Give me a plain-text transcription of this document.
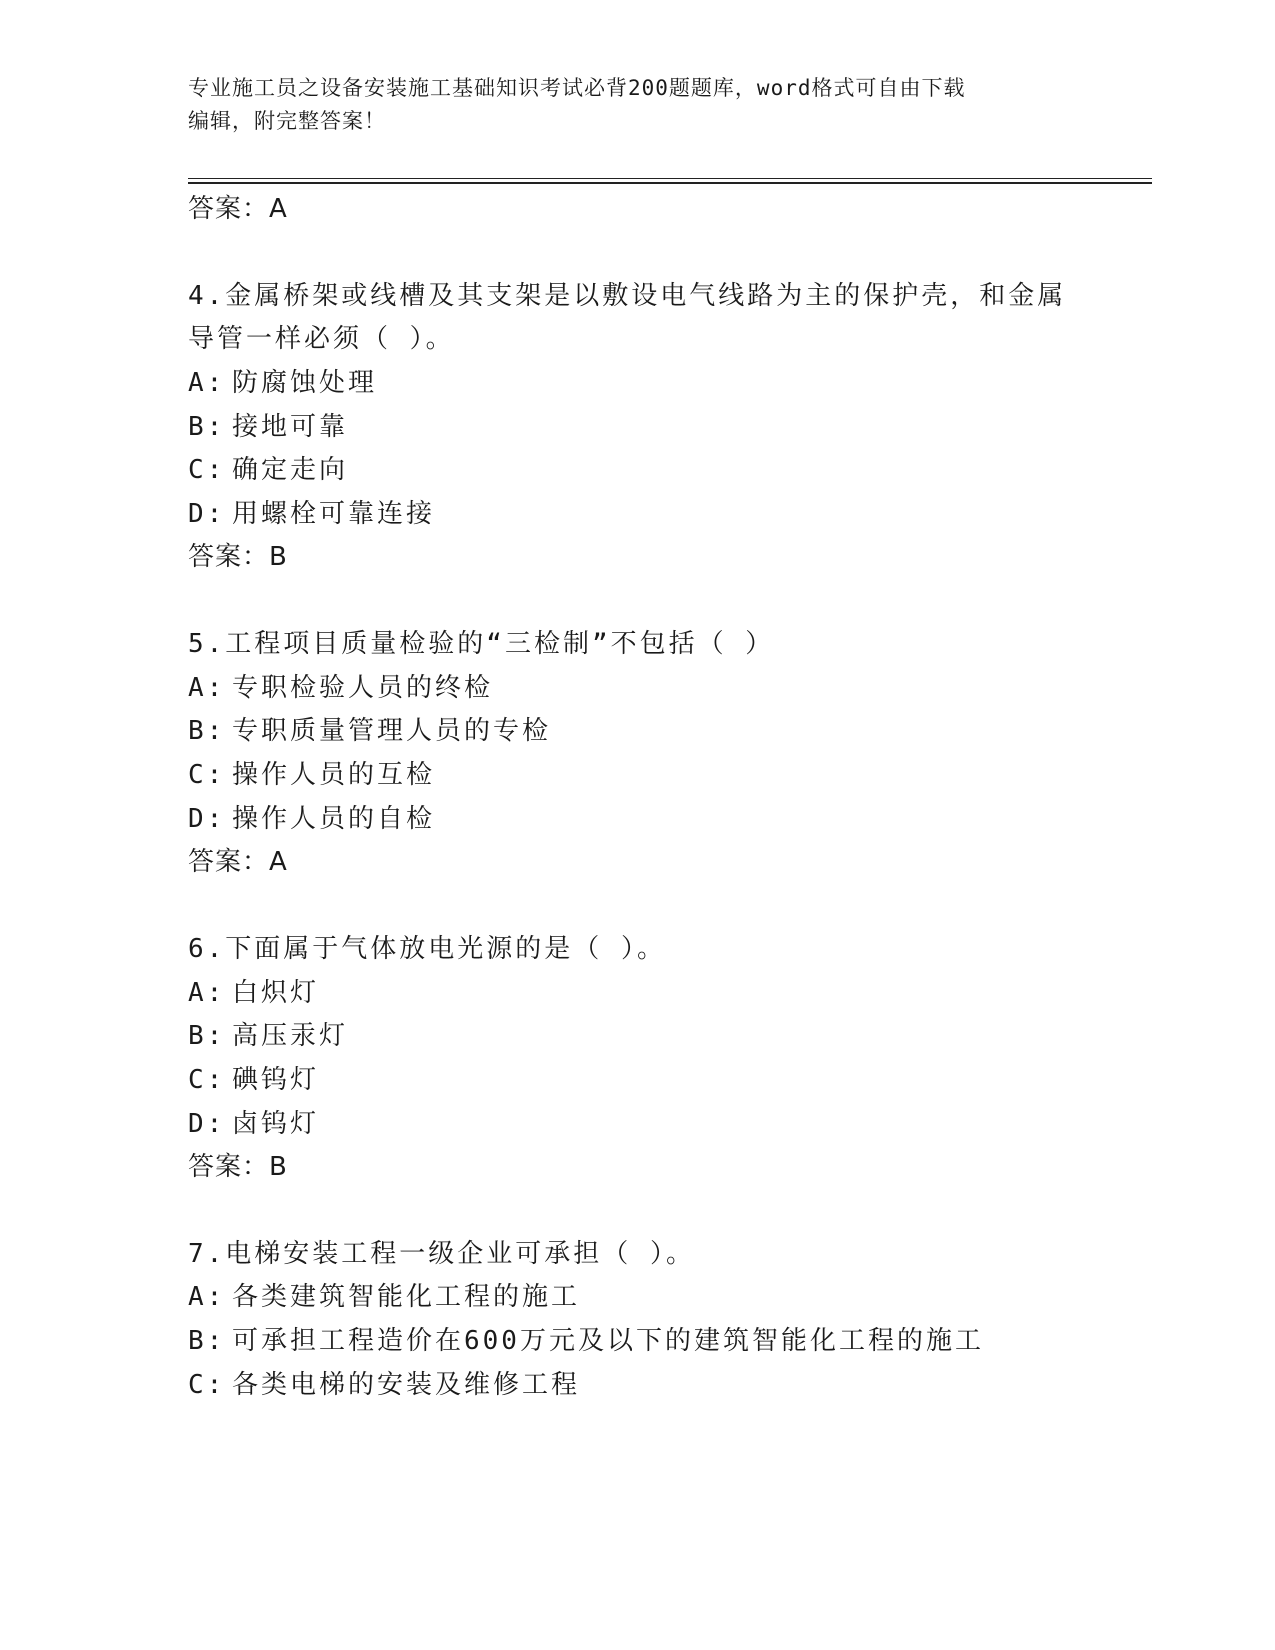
专业施工员之设备安装施工基础知识考试必背200题题库，word格式可自由下载
编辑，附完整答案！
答案：A
4.金属桥架或线槽及其支架是以敷设电气线路为主的保护壳，和金属
导管一样必须（ ）。
A: 防腐蚀处理
B: 接地可靠
C: 确定走向
D: 用螺栓可靠连接
答案：B
5.工程项目质量检验的“三检制”不包括（ ）
A: 专职检验人员的终检
B: 专职质量管理人员的专检
C: 操作人员的互检
D: 操作人员的自检
答案：A
6.下面属于气体放电光源的是（ ）。
A: 白炽灯
B: 高压汞灯
C: 碘钨灯
D: 卤钨灯
答案：B
7.电梯安装工程一级企业可承担（ ）。
A: 各类建筑智能化工程的施工
B: 可承担工程造价在600万元及以下的建筑智能化工程的施工
C: 各类电梯的安装及维修工程
